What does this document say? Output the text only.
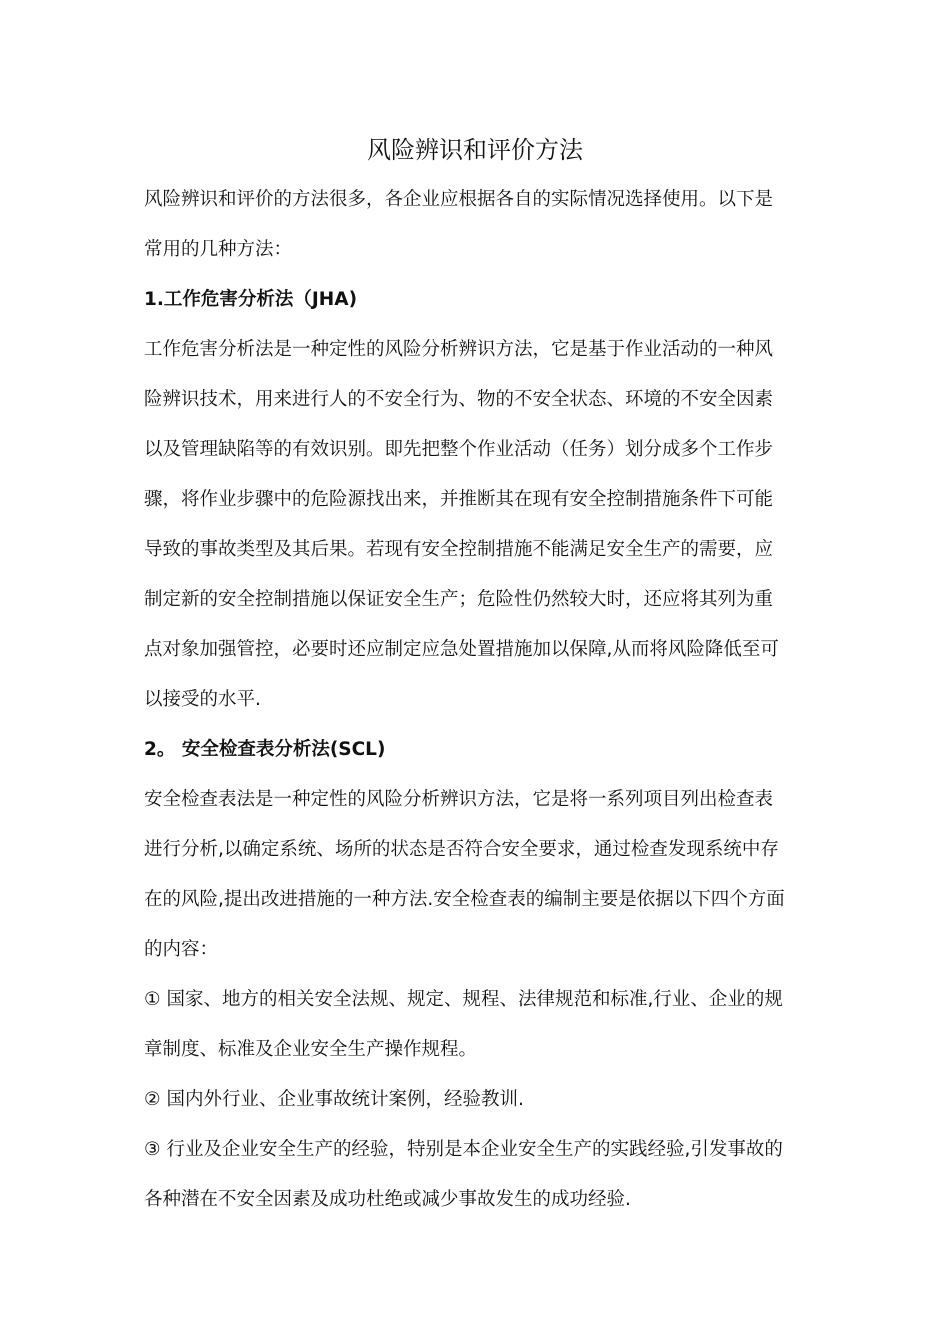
风险辨识和评价方法
风险辨识和评价的方法很多，各企业应根据各自的实际情况选择使用。以下是
常用的几种方法：
1.工作危害分析法（JHA)
工作危害分析法是一种定性的风险分析辨识方法，它是基于作业活动的一种风
险辨识技术，用来进行人的不安全行为、物的不安全状态、环境的不安全因素
以及管理缺陷等的有效识别。即先把整个作业活动（任务）划分成多个工作步
骤，将作业步骤中的危险源找出来，并推断其在现有安全控制措施条件下可能
导致的事故类型及其后果。若现有安全控制措施不能满足安全生产的需要，应
制定新的安全控制措施以保证安全生产；危险性仍然较大时，还应将其列为重
点对象加强管控，必要时还应制定应急处置措施加以保障,从而将风险降低至可
以接受的水平.
2。 安全检查表分析法(SCL)
安全检查表法是一种定性的风险分析辨识方法，它是将一系列项目列出检查表
进行分析,以确定系统、场所的状态是否符合安全要求，通过检查发现系统中存
在的风险,提出改进措施的一种方法.安全检查表的编制主要是依据以下四个方面
的内容：
① 国家、地方的相关安全法规、规定、规程、法律规范和标准,行业、企业的规
章制度、标准及企业安全生产操作规程。
② 国内外行业、企业事故统计案例，经验教训.
③ 行业及企业安全生产的经验，特别是本企业安全生产的实践经验,引发事故的
各种潜在不安全因素及成功杜绝或减少事故发生的成功经验.
